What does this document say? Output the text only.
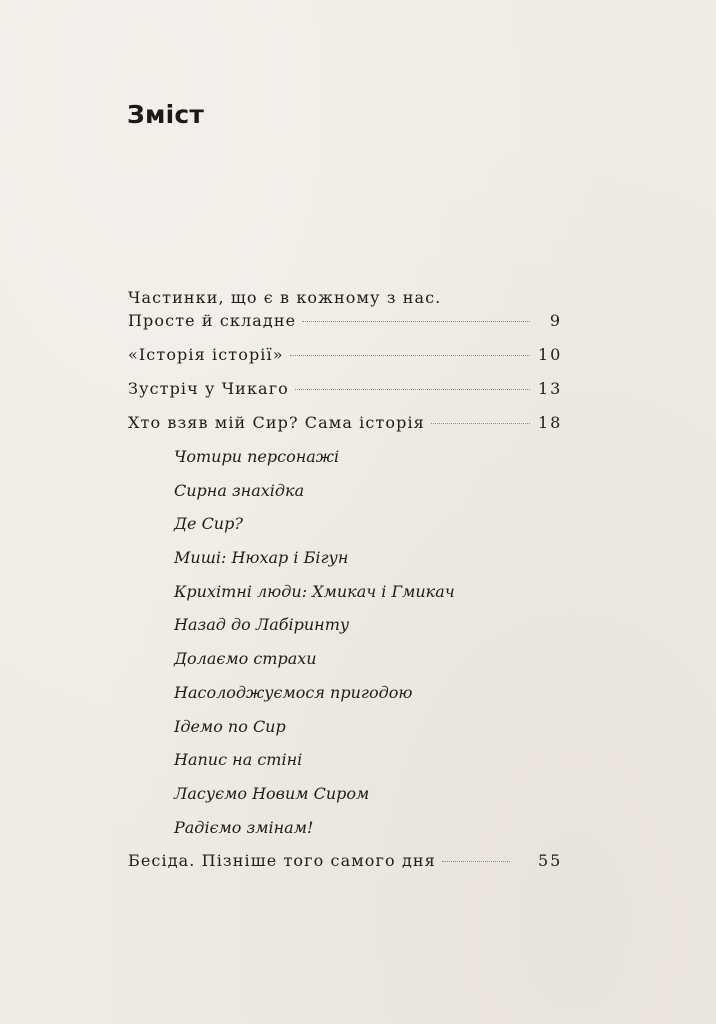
Зміст
Частинки, що є в кожному з нас.
Просте й складне	9
«Історія історії»	10
Зустріч у Чикаго	13
Хто взяв мій Сир? Сама історія	18
Чотири персонажі
Сирна знахідка
Де Сир?
Миші: Нюхар і Бігун
Крихітні люди: Хмикач і Гмикач
Назад до Лабіринту
Долаємо страхи
Насолоджуємося пригодою
Ідемо по Сир
Напис на стіні
Ласуємо Новим Сиром
Радіємо змінам!
Бесіда. Пізніше того самого дня	55
